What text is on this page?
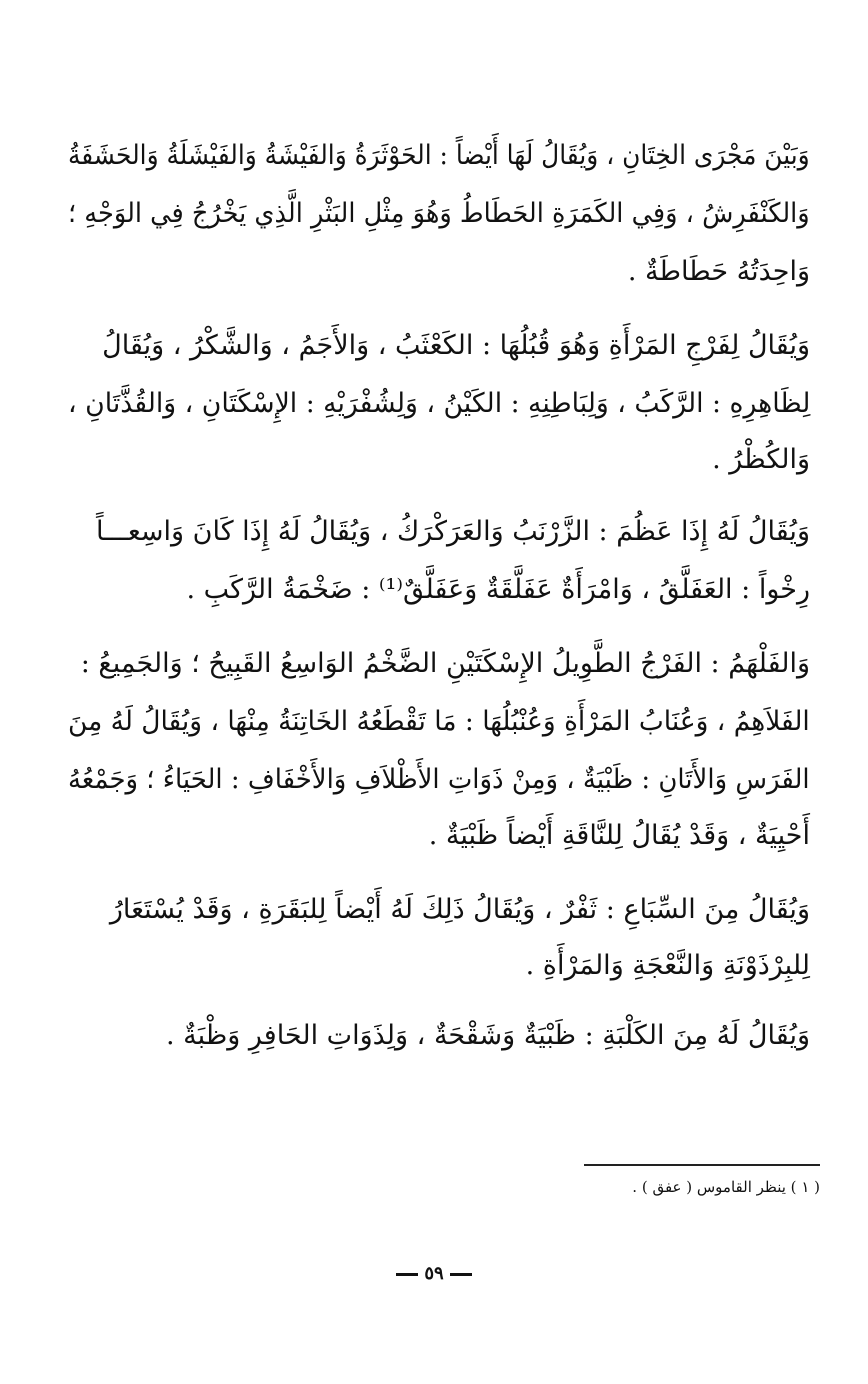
وَبَيْنَ مَجْرَى الخِتَانِ ، وَيُقَالُ لَهَا أَيْضاً : الحَوْثَرَةُ وَالفَيْشَةُ وَالفَيْشَلَةُ وَالحَشَفَةُ
وَالكَنْفَرِشُ ، وَفِي الكَمَرَةِ الحَطَاطُ وَهُوَ مِثْلِ البَثْرِ الَّذِي يَخْرُجُ فِي الوَجْهِ ؛
وَاحِدَتُهُ حَطَاطَةٌ .
وَيُقَالُ لِفَرْجِ المَرْأَةِ وَهُوَ قُبُلُهَا : الكَعْثَبُ ، وَالأَجَمُ ، وَالشَّكْرُ ، وَيُقَالُ
لِظَاهِرِهِ : الرَّكَبُ ، وَلِبَاطِنِهِ : الكَيْنُ ، وَلِشُفْرَيْهِ : الإِسْكَتَانِ ، وَالقُذَّتَانِ ،
وَالكُظْرُ .
وَيُقَالُ لَهُ إِذَا عَظُمَ : الزَّرْنَبُ وَالعَرَكْرَكُ ، وَيُقَالُ لَهُ إِذَا كَانَ وَاسِعـــاً
رِخْواً : العَفَلَّقُ ، وَامْرَأَةٌ عَفَلَّقَةٌ وَعَفَلَّقٌ⁽¹⁾ : ضَخْمَةُ الرَّكَبِ .
وَالفَلْهَمُ : الفَرْجُ الطَّوِيلُ الإِسْكَتَيْنِ الضَّخْمُ الوَاسِعُ القَبِيحُ ؛ وَالجَمِيعُ :
الفَلاَهِمُ ، وَعُنَابُ المَرْأَةِ وَعُنْبُلُهَا : مَا تَقْطَعُهُ الخَاتِنَةُ مِنْهَا ، وَيُقَالُ لَهُ مِنَ
الفَرَسِ وَالأَتَانِ : ظَبْيَةٌ ، وَمِنْ ذَوَاتِ الأَظْلاَفِ وَالأَخْفَافِ : الحَيَاءُ ؛ وَجَمْعُهُ
أَحْيِيَةٌ ، وَقَدْ يُقَالُ لِلنَّاقَةِ أَيْضاً ظَبْيَةٌ .
وَيُقَالُ مِنَ السِّبَاعِ : ثَفْرٌ ، وَيُقَالُ ذَلِكَ لَهُ أَيْضاً لِلبَقَرَةِ ، وَقَدْ يُسْتَعَارُ
لِلبِرْذَوْنَةِ وَالنَّعْجَةِ وَالمَرْأَةِ .
وَيُقَالُ لَهُ مِنَ الكَلْبَةِ : ظَبْيَةٌ وَشَقْحَةٌ ، وَلِذَوَاتِ الحَافِرِ وَظْبَةٌ .
( ١ ) ينظر القاموس ( عفق ) .
٥٩
